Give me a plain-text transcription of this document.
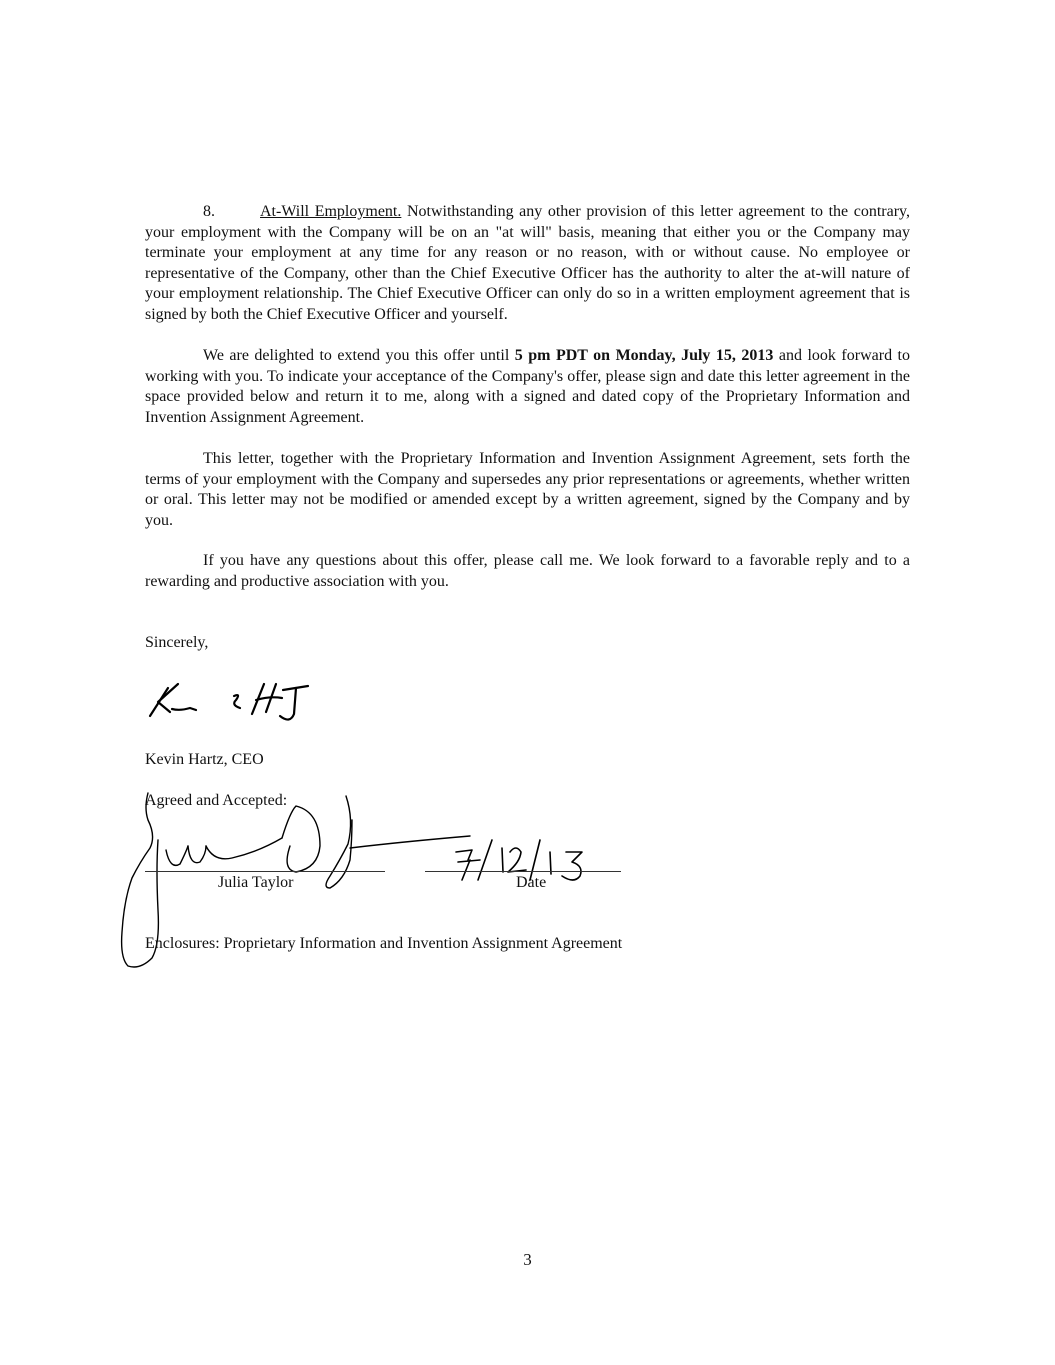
8.	At-Will Employment. Notwithstanding any other provision of this letter agreement to the contrary, your employment with the Company will be on an "at will" basis, meaning that either you or the Company may terminate your employment at any time for any reason or no reason, with or without cause. No employee or representative of the Company, other than the Chief Executive Officer has the authority to alter the at-will nature of your employment relationship. The Chief Executive Officer can only do so in a written employment agreement that is signed by both the Chief Executive Officer and yourself.
We are delighted to extend you this offer until 5 pm PDT on Monday, July 15, 2013 and look forward to working with you. To indicate your acceptance of the Company's offer, please sign and date this letter agreement in the space provided below and return it to me, along with a signed and dated copy of the Proprietary Information and Invention Assignment Agreement.
This letter, together with the Proprietary Information and Invention Assignment Agreement, sets forth the terms of your employment with the Company and supersedes any prior representations or agreements, whether written or oral. This letter may not be modified or amended except by a written agreement, signed by the Company and by you.
If you have any questions about this offer, please call me. We look forward to a favorable reply and to a rewarding and productive association with you.
Sincerely,
Kevin Hartz, CEO
Agreed and Accepted:
Julia Taylor	Date
Enclosures: Proprietary Information and Invention Assignment Agreement
3
